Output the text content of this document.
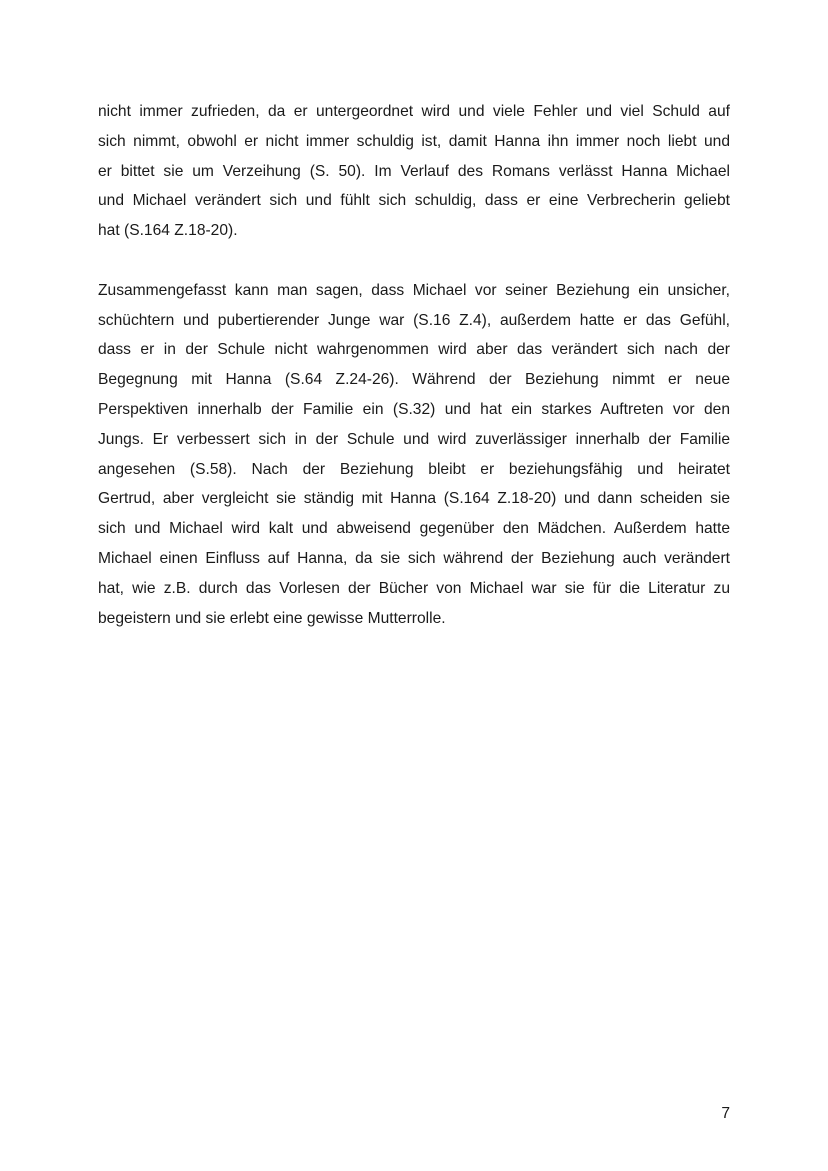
nicht immer zufrieden, da er untergeordnet wird und viele Fehler und viel Schuld auf
sich nimmt, obwohl er nicht immer schuldig ist, damit Hanna ihn immer noch liebt und
er bittet sie um Verzeihung (S. 50). Im Verlauf des Romans verlässt Hanna Michael
und Michael verändert sich und fühlt sich schuldig, dass er eine Verbrecherin geliebt
hat (S.164 Z.18-20).

Zusammengefasst kann man sagen, dass Michael vor seiner Beziehung ein unsicher,
schüchtern und pubertierender Junge war (S.16 Z.4), außerdem hatte er das Gefühl,
dass er in der Schule nicht wahrgenommen wird aber das verändert sich nach der
Begegnung mit Hanna (S.64 Z.24-26). Während der Beziehung nimmt er neue
Perspektiven innerhalb der Familie ein (S.32) und hat ein starkes Auftreten vor den
Jungs. Er verbessert sich in der Schule und wird zuverlässiger innerhalb der Familie
angesehen (S.58). Nach der Beziehung bleibt er beziehungsfähig und heiratet
Gertrud, aber vergleicht sie ständig mit Hanna (S.164 Z.18-20) und dann scheiden sie
sich und Michael wird kalt und abweisend gegenüber den Mädchen. Außerdem hatte
Michael einen Einfluss auf Hanna, da sie sich während der Beziehung auch verändert
hat, wie z.B. durch das Vorlesen der Bücher von Michael war sie für die Literatur zu
begeistern und sie erlebt eine gewisse Mutterrolle.

7
